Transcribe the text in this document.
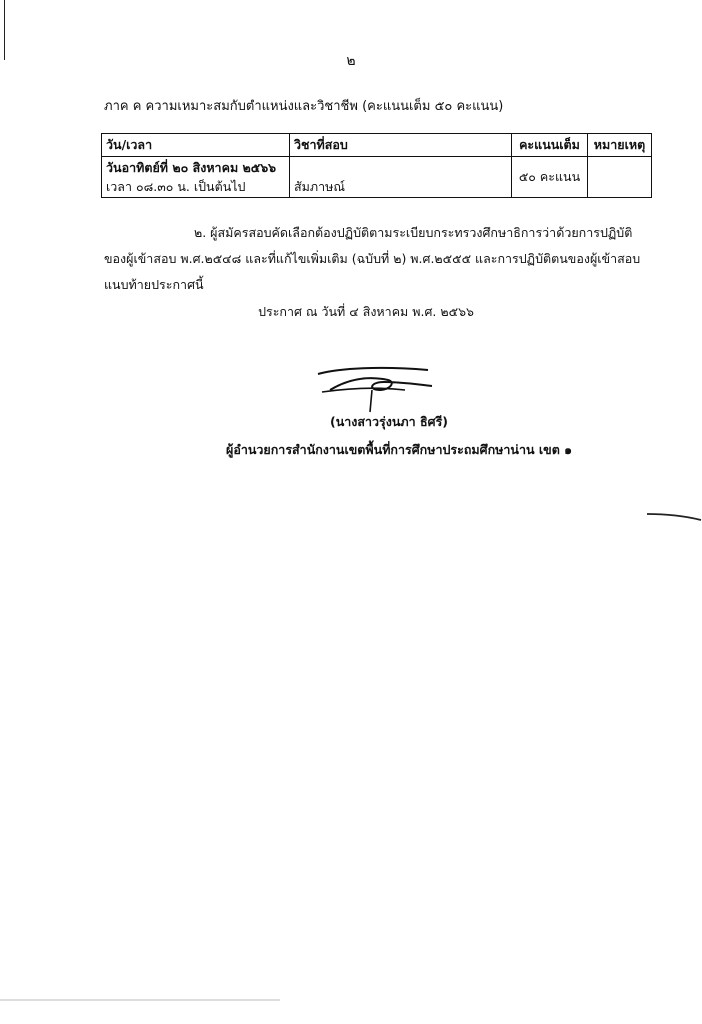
๒
ภาค ค ความเหมาะสมกับตำแหน่งและวิชาชีพ (คะแนนเต็ม ๕๐ คะแนน)
วัน/เวลา	วิชาที่สอบ	คะแนนเต็ม	หมายเหตุ

วันอาทิตย์ที่ ๒๐ สิงหาคม ๒๕๖๖
เวลา ๐๘.๓๐ น. เป็นต้นไป	สัมภาษณ์	๕๐ คะแนน	
๒. ผู้สมัครสอบคัดเลือกต้องปฏิบัติตามระเบียบกระทรวงศึกษาธิการว่าด้วยการปฏิบัติของผู้เข้าสอบ พ.ศ.๒๕๔๘ และที่แก้ไขเพิ่มเติม (ฉบับที่ ๒) พ.ศ.๒๕๕๕ และการปฏิบัติตนของผู้เข้าสอบแนบท้ายประกาศนี้
ประกาศ ณ วันที่ ๔ สิงหาคม พ.ศ. ๒๕๖๖
(นางสาวรุ่งนภา ธิศรี)
ผู้อำนวยการสำนักงานเขตพื้นที่การศึกษาประถมศึกษาน่าน เขต ๑
